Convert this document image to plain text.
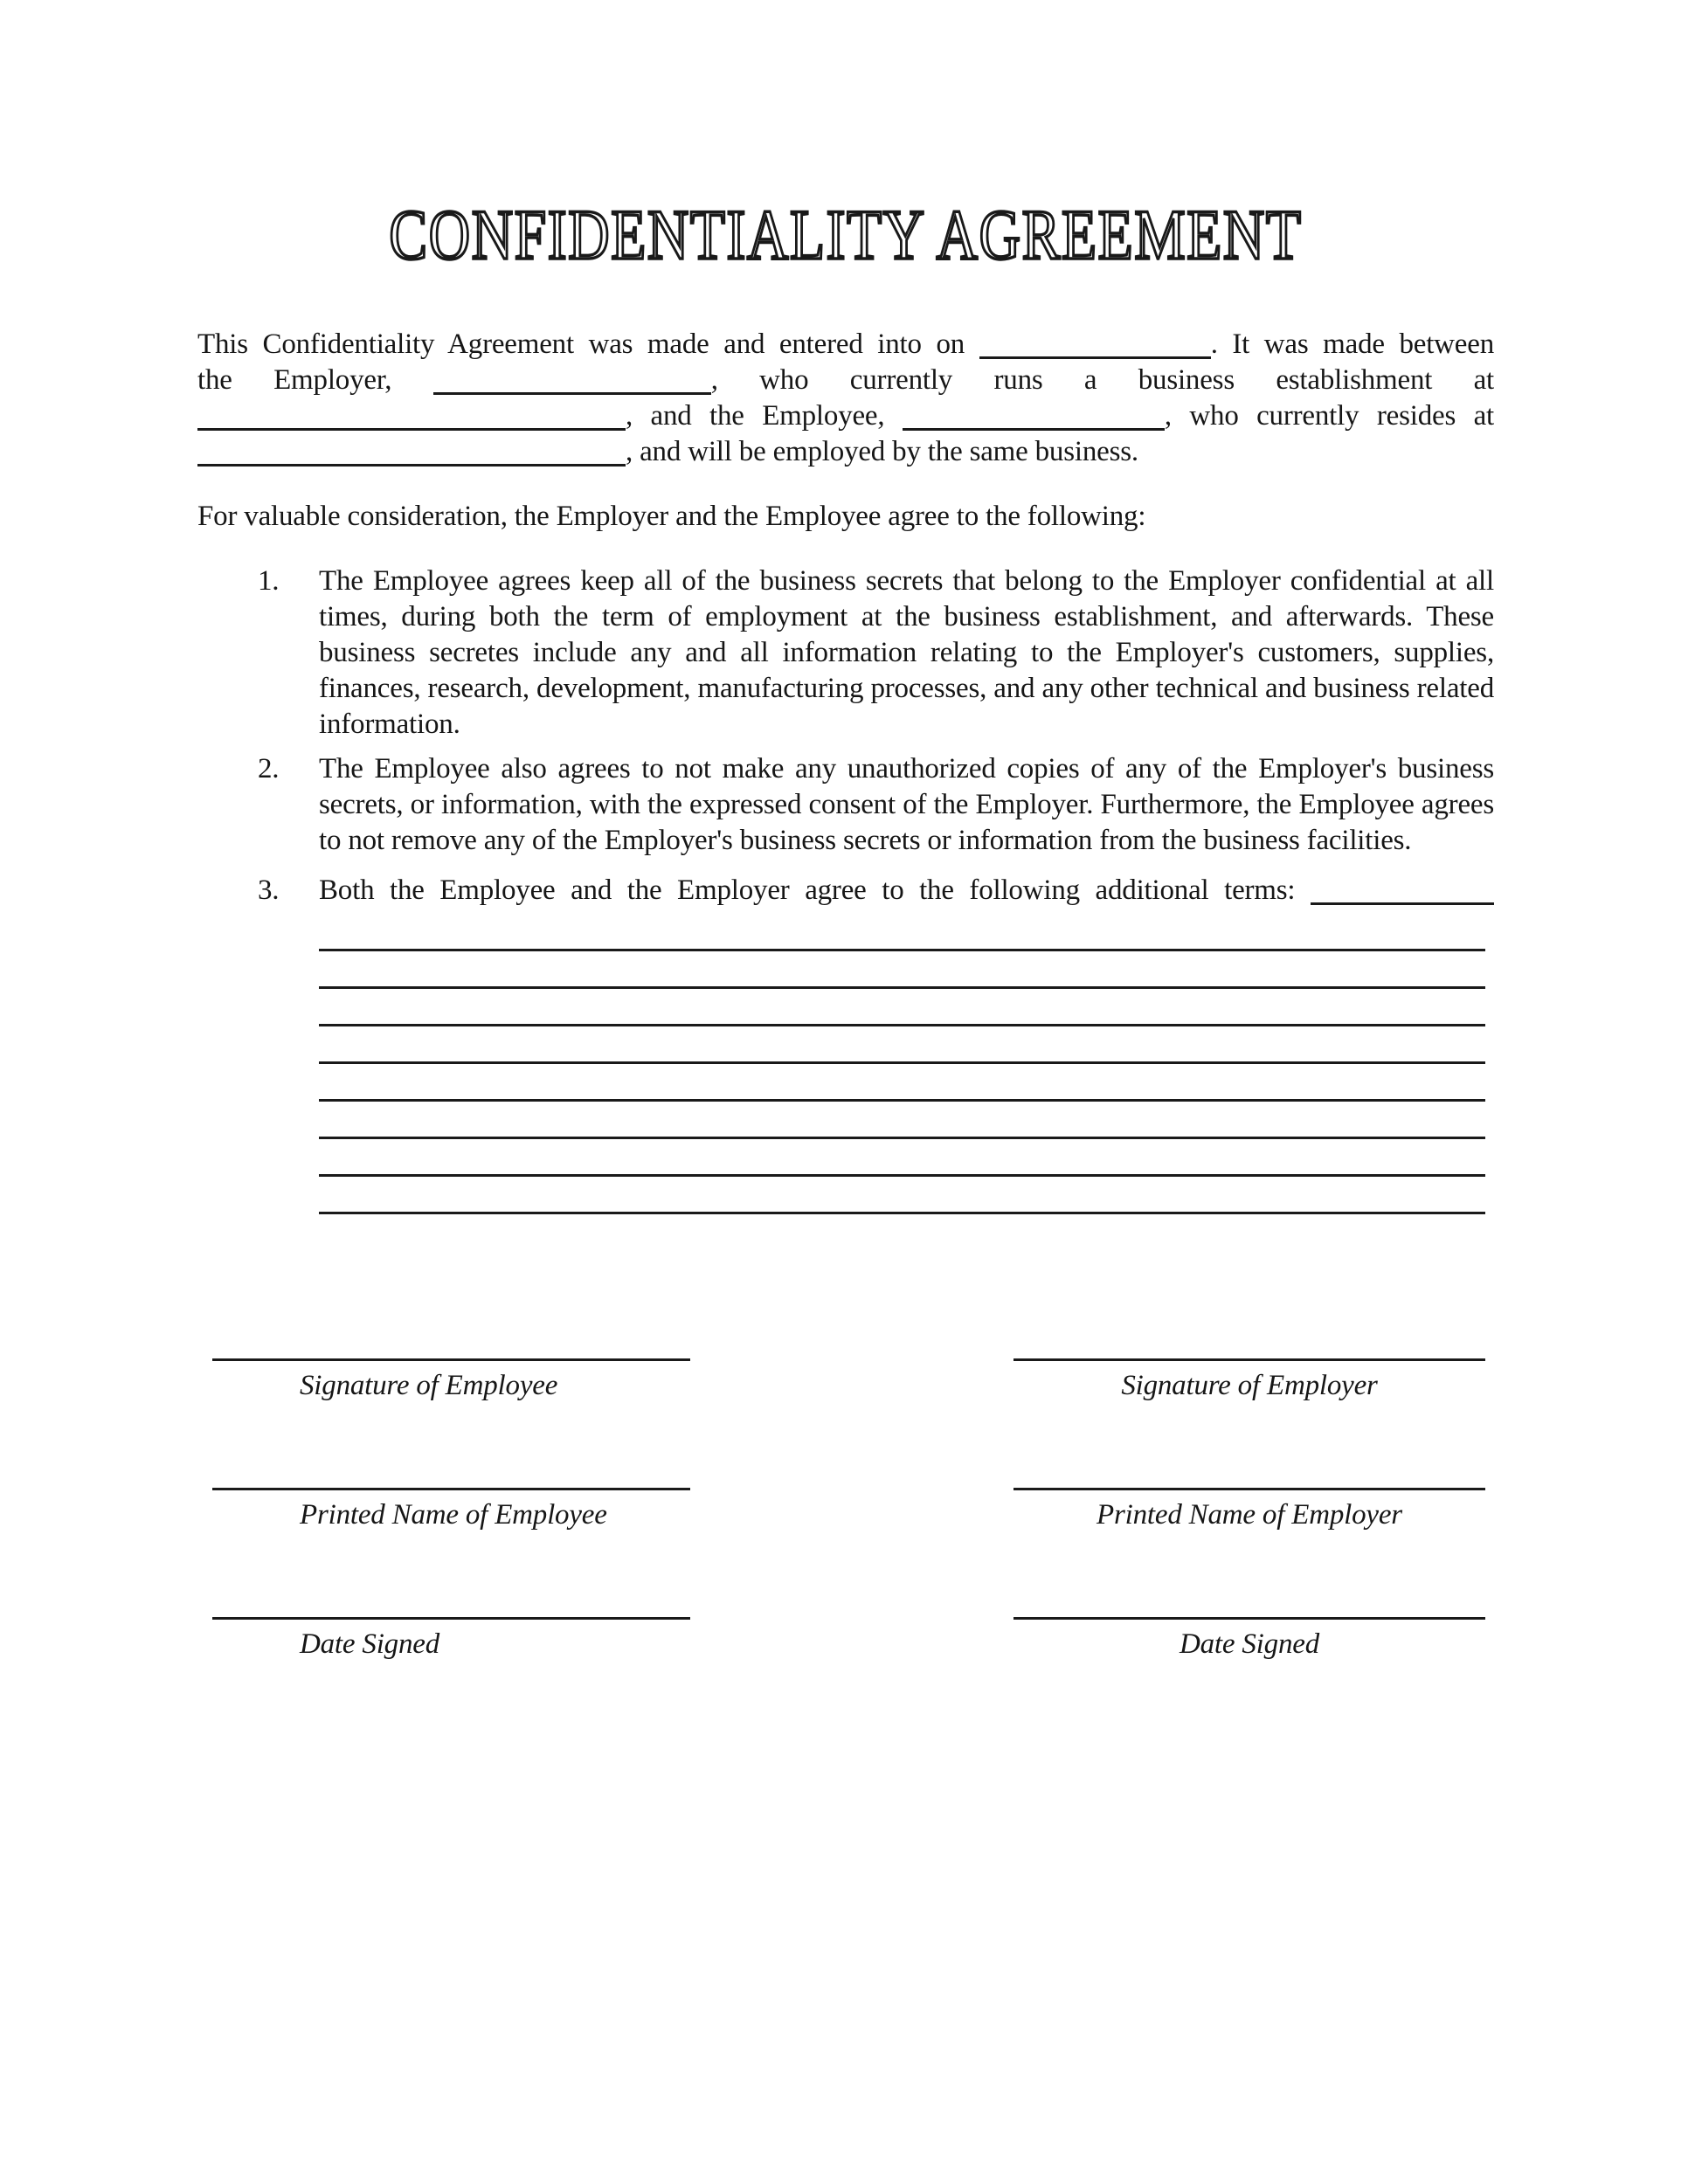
CONFIDENTIALITY AGREEMENT
This Confidentiality Agreement was made and entered into on	. It was made between
the Employer,	, who currently runs a business establishment at
, and the Employee,	, who currently resides at
, and will be employed by the same business.
For valuable consideration, the Employer and the Employee agree to the following:
1.	The Employee agrees keep all of the business secrets that belong to the Employer confidential at all times, during both the term of employment at the business establishment, and afterwards. These business secretes include any and all information relating to the Employer's customers, supplies, finances, research, development, manufacturing processes, and any other technical and business related information.
2.	The Employee also agrees to not make any unauthorized copies of any of the Employer's business secrets, or information, with the expressed consent of the Employer. Furthermore, the Employee agrees to not remove any of the Employer's business secrets or information from the business facilities.
3.	Both the Employee and the Employer agree to the following additional terms:
Signature of Employee
Printed Name of Employee
Date Signed
Signature of Employer
Printed Name of Employer
Date Signed
